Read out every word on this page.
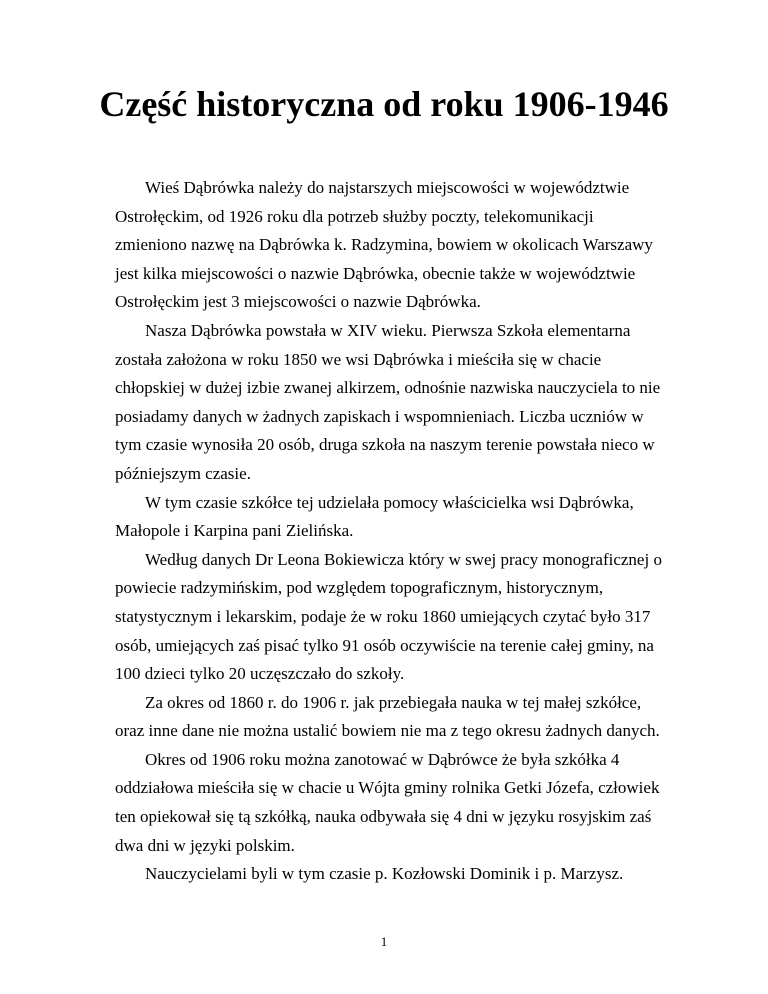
Część historyczna od roku 1906-1946

Wieś Dąbrówka należy do najstarszych miejscowości w województwie

Ostrołęckim, od 1926 roku dla potrzeb służby poczty, telekomunikacji

zmieniono nazwę na Dąbrówka k. Radzymina, bowiem w okolicach Warszawy

jest kilka miejscowości o nazwie Dąbrówka, obecnie także w województwie

Ostrołęckim jest 3 miejscowości o nazwie Dąbrówka.

Nasza Dąbrówka powstała w XIV wieku. Pierwsza Szkoła elementarna

została założona w roku 1850 we wsi Dąbrówka i mieściła się w chacie

chłopskiej w dużej izbie zwanej alkirzem, odnośnie nazwiska nauczyciela to nie

posiadamy danych w żadnych zapiskach i wspomnieniach. Liczba uczniów w

tym czasie wynosiła 20 osób, druga szkoła na naszym terenie powstała nieco w

późniejszym czasie.

W tym czasie szkółce tej udzielała pomocy właścicielka wsi Dąbrówka,

Małopole i Karpina pani Zielińska.

Według danych Dr Leona Bokiewicza który w swej pracy monograficznej o

powiecie radzymińskim, pod względem topograficznym, historycznym,

statystycznym i lekarskim, podaje że w roku 1860 umiejących czytać było 317

osób, umiejących zaś pisać tylko 91 osób oczywiście na terenie całej gminy, na

100 dzieci tylko 20 uczęszczało do szkoły.

Za okres od 1860 r. do 1906 r. jak przebiegała nauka w tej małej szkółce,

oraz inne dane nie można ustalić bowiem nie ma z tego okresu żadnych danych.

Okres od 1906 roku można zanotować w Dąbrówce że była szkółka 4

oddziałowa mieściła się w chacie u Wójta gminy rolnika Getki Józefa, człowiek

ten opiekował się tą szkółką, nauka odbywała się 4 dni w języku rosyjskim zaś

dwa dni w języki polskim.

Nauczycielami byli w tym czasie p. Kozłowski Dominik i p. Marzysz.

1
